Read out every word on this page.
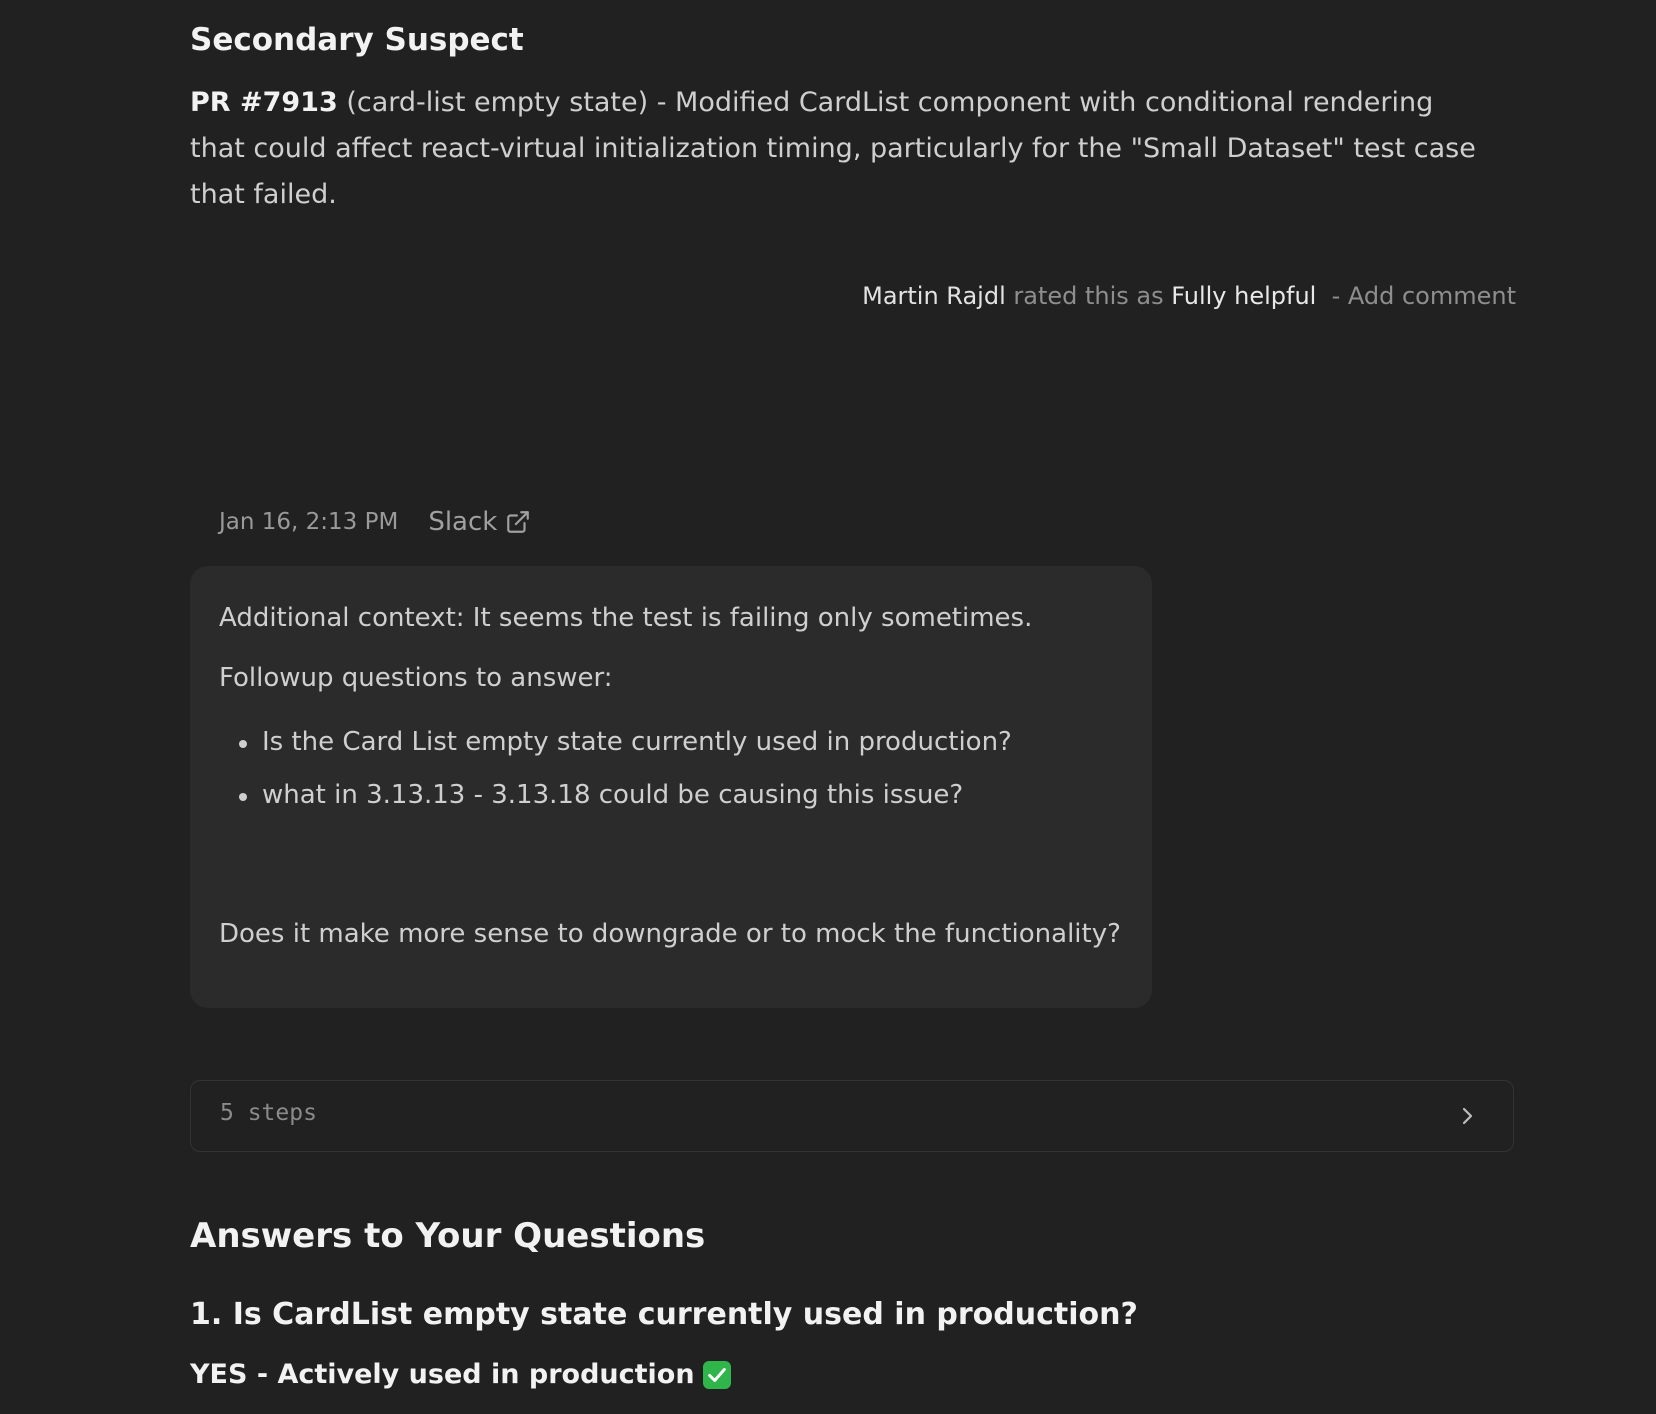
Secondary Suspect

PR #7913 (card-list empty state) - Modified CardList component with conditional rendering that could affect react-virtual initialization timing, particularly for the "Small Dataset" test case that failed.

Martin Rajdl rated this as Fully helpful  - Add comment
Jan 16, 2:13 PM Slack

Additional context: It seems the test is failing only sometimes.

Followup questions to answer:

Is the Card List empty state currently used in production?
what in 3.13.13 - 3.13.18 could be causing this issue?

Does it make more sense to downgrade or to mock the functionality?

5 steps
Answers to Your Questions
1. Is CardList empty state currently used in production?

YES - Actively used in production
